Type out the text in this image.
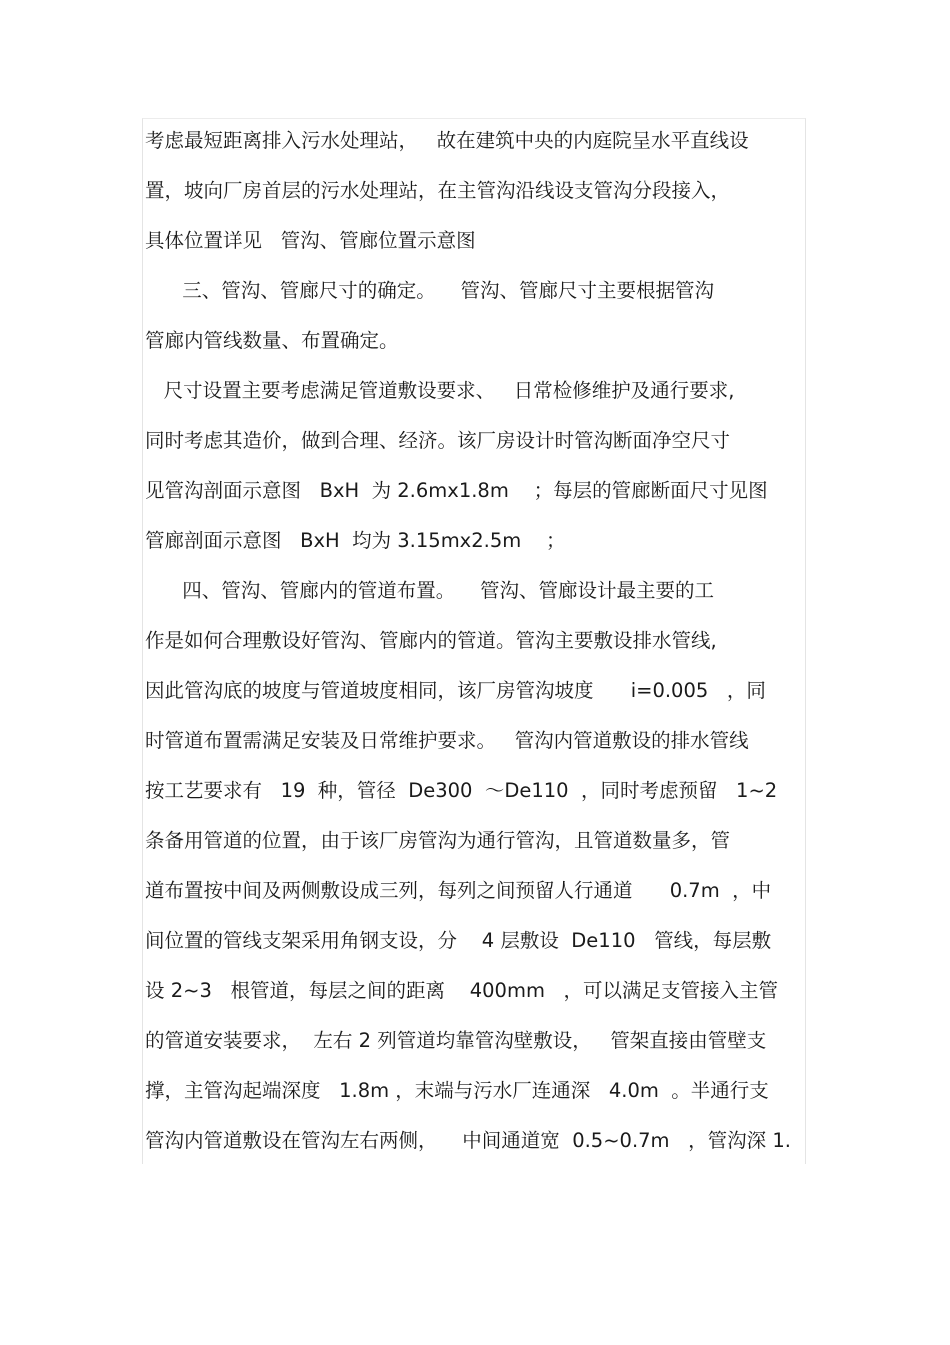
考虑最短距离排入污水处理站，   故在建筑中央的内庭院呈水平直线设
置，坡向厂房首层的污水处理站，在主管沟沿线设支管沟分段接入，
具体位置详见   管沟、管廊位置示意图
三、管沟、管廊尺寸的确定。    管沟、管廊尺寸主要根据管沟
管廊内管线数量、布置确定。
尺寸设置主要考虑满足管道敷设要求、   日常检修维护及通行要求,
同时考虑其造价，做到合理、经济。该厂房设计时管沟断面净空尺寸
见管沟剖面示意图   BxH  为 2.6mx1.8m    ；每层的管廊断面尺寸见图
管廊剖面示意图   BxH  均为 3.15mx2.5m    ；
四、管沟、管廊内的管道布置。    管沟、管廊设计最主要的工
作是如何合理敷设好管沟、管廊内的管道。管沟主要敷设排水管线,
因此管沟底的坡度与管道坡度相同，该厂房管沟坡度      i=0.005   ，同
时管道布置需满足安装及日常维护要求。   管沟内管道敷设的排水管线
按工艺要求有   19  种，管径  De300  ～De110  ，同时考虑预留   1~2
条备用管道的位置，由于该厂房管沟为通行管沟，且管道数量多，管
道布置按中间及两侧敷设成三列，每列之间预留人行通道      0.7m  ，中
间位置的管线支架采用角钢支设，分    4 层敷设  De110   管线，每层敷
设 2~3   根管道，每层之间的距离    400mm   ，可以满足支管接入主管
的管道安装要求，  左右 2 列管道均靠管沟壁敷设，   管架直接由管壁支
撑，主管沟起端深度   1.8m ，末端与污水厂连通深   4.0m  。半通行支
管沟内管道敷设在管沟左右两侧，    中间通道宽  0.5~0.7m   ，管沟深 1.
